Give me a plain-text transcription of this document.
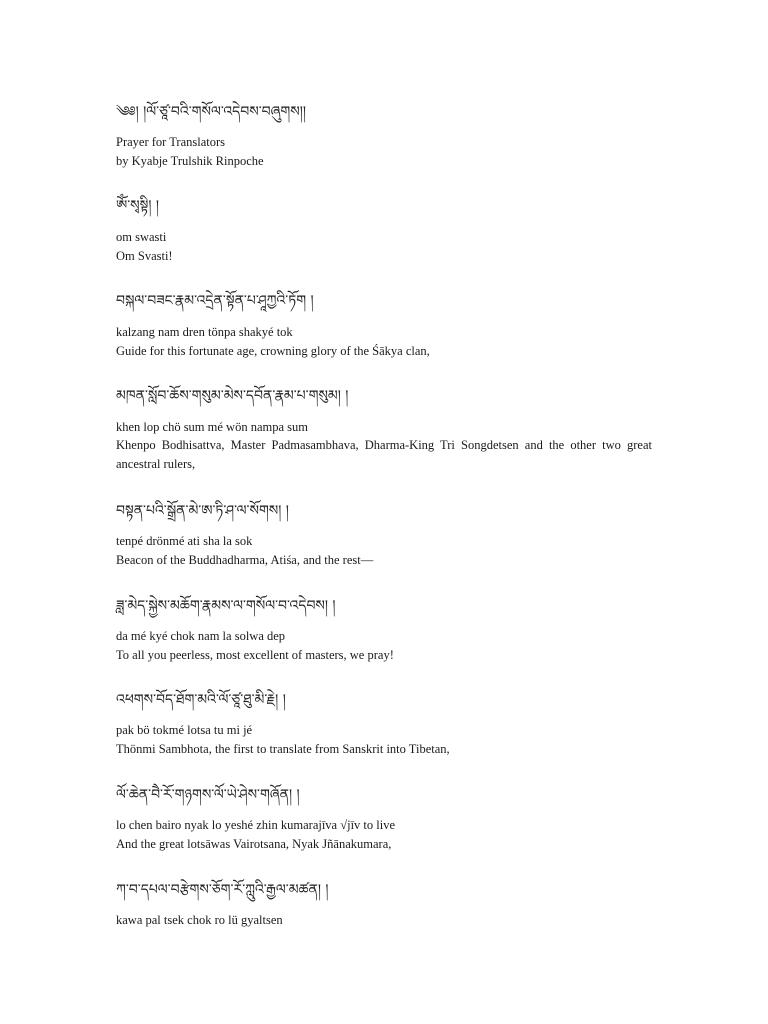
༄༅། །ལོ་ཙཱ་བའི་གསོལ་འདེབས་བཞུགས།།
Prayer for Translators
by Kyabje Trulshik Rinpoche
ཨོཾ་སྭསྟི། །
om swasti
Om Svasti!
བསྐལ་བཟང་རྣམ་འདྲེན་སྟོན་པ་ཤཱཀྱའི་ཏོག །
kalzang nam dren tönpa shakyé tok
Guide for this fortunate age, crowning glory of the Śākya clan,
མཁན་སློབ་ཆོས་གསུམ་མེས་དབོན་རྣམ་པ་གསུམ། །
khen lop chö sum mé wön nampa sum
Khenpo Bodhisattva, Master Padmasambhava, Dharma-King Tri Songdetsen and the other two great ancestral rulers,
བསྟན་པའི་སྒྲོན་མེ་ཨ་ཏི་ཤ་ལ་སོགས། །
tenpé drönmé ati sha la sok
Beacon of the Buddhadharma, Atiśa, and the rest—
ཟླ་མེད་སྐྱེས་མཆོག་རྣམས་ལ་གསོལ་བ་འདེབས། །
da mé kyé chok nam la solwa dep
To all you peerless, most excellent of masters, we pray!
འཕགས་བོད་ཐོག་མའི་ལོ་ཙཱ་ཐུ་མི་རྗེ། །
pak bö tokmé lotsa tu mi jé
Thönmi Sambhota, the first to translate from Sanskrit into Tibetan,
ལོ་ཆེན་བཻ་རོ་གཉགས་ལོ་ཡེ་ཤེས་གཞོན། །
lo chen bairo nyak lo yeshé zhin kumarajīva √jīv to live
And the great lotsāwas Vairotsana, Nyak Jñānakumara,
ཀ་བ་དཔལ་བརྩེགས་ཅོག་རོ་ཀླུའི་རྒྱལ་མཚན། །
kawa pal tsek chok ro lü gyaltsen
